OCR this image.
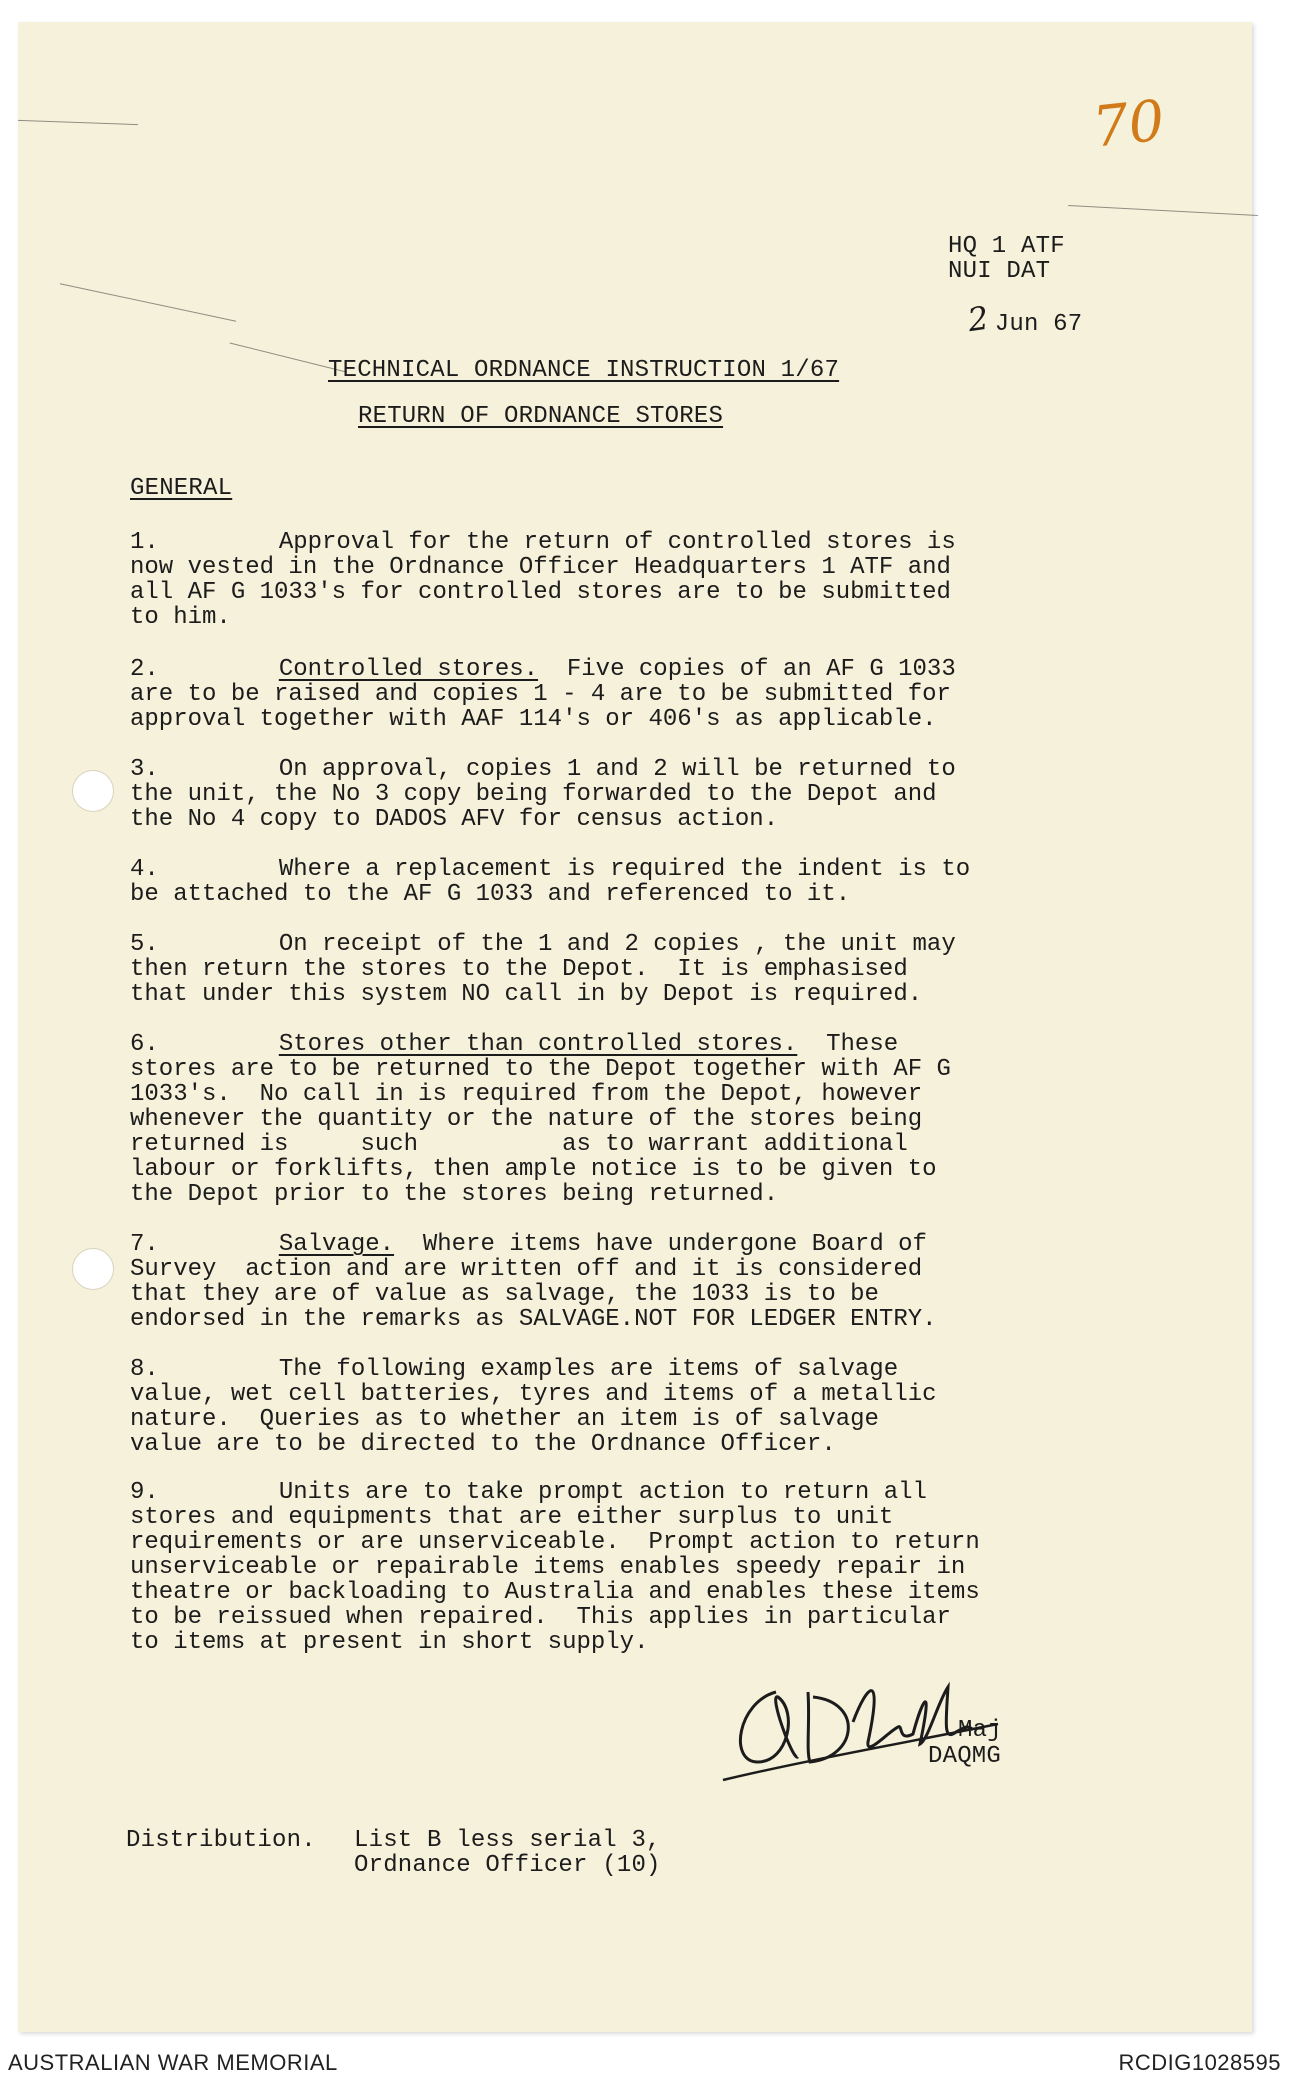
70
HQ 1 ATF
NUI DAT

2 Jun 67

TECHNICAL ORDNANCE INSTRUCTION 1/67
RETURN OF ORDNANCE STORES
GENERAL
1.	Approval for the return of controlled stores is
now vested in the Ordnance Officer Headquarters 1 ATF and
all AF G 1033's for controlled stores are to be submitted
to him.
2.	Controlled stores. Five copies of an AF G 1033
are to be raised and copies 1 - 4 are to be submitted for
approval together with AAF 114's or 406's as applicable.
3.	On approval, copies 1 and 2 will be returned to
the unit, the No 3 copy being forwarded to the Depot and
the No 4 copy to DADOS AFV for census action.
4.	Where a replacement is required the indent is to
be attached to the AF G 1033 and referenced to it.
5.	On receipt of the 1 and 2 copies , the unit may
then return the stores to the Depot.  It is emphasised
that under this system NO call in by Depot is required.
6.	Stores other than controlled stores. These
stores are to be returned to the Depot together with AF G
1033's.  No call in is required from the Depot, however
whenever the quantity or the nature of the stores being
returned is     such          as to warrant additional
labour or forklifts, then ample notice is to be given to
the Depot prior to the stores being returned.
7.	Salvage. Where items have undergone Board of
Survey  action and are written off and it is considered
that they are of value as salvage, the 1033 is to be
endorsed in the remarks as SALVAGE.NOT FOR LEDGER ENTRY.
8.	The following examples are items of salvage
value, wet cell batteries, tyres and items of a metallic
nature.  Queries as to whether an item is of salvage
value are to be directed to the Ordnance Officer.
9.	Units are to take prompt action to return all
stores and equipments that are either surplus to unit
requirements or are unserviceable.  Prompt action to return
unserviceable or repairable items enables speedy repair in
theatre or backloading to Australia and enables these items
to be reissued when repaired.  This applies in particular
to items at present in short supply.
Maj
DAQMG
Distribution. List B less serial 3,
Ordnance Officer (10)
AUSTRALIAN WAR MEMORIAL	RCDIG1028595
